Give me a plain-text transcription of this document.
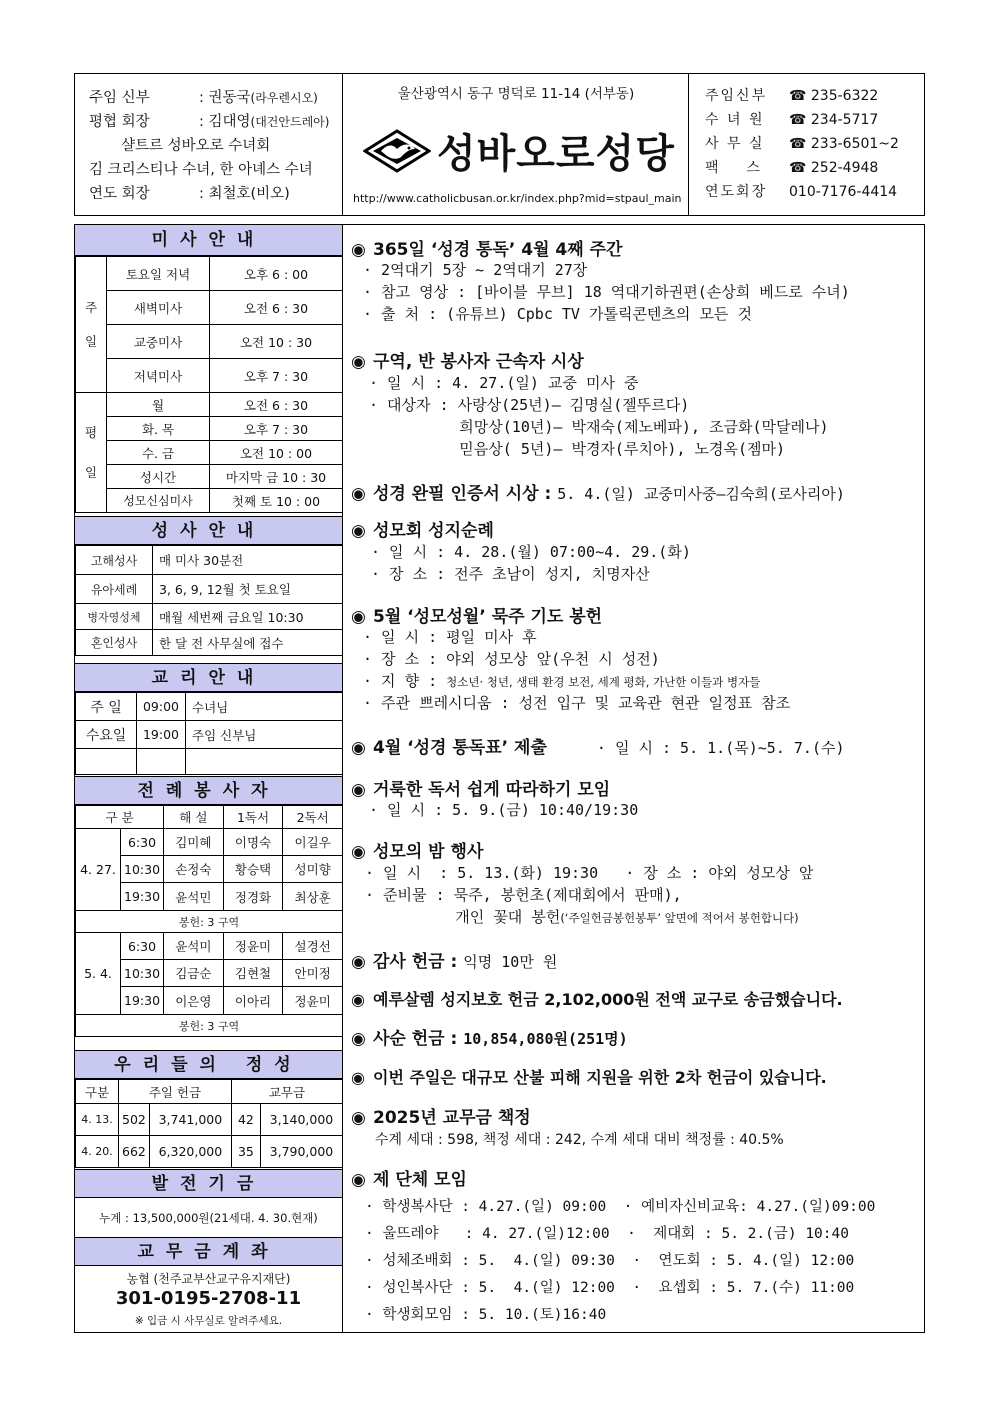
주임 신부	: 권동국(라우렌시오)
평협 회장	: 김대영(대건안드레아)
샬트르 성바오로 수녀회
김 크리스티나 수녀, 한 아녜스 수녀
연도 회장	: 최철호(비오)
울산광역시 동구 명덕로 11-14 (서부동)
성바오로성당
http://www.catholicbusan.or.kr/index.php?mid=stpaul_main
주임신부	☎ 235-6322
수 녀 원	☎ 234-5717
사 무 실	☎ 233-6501~2
팩    스	☎ 252-4948
연도회장	010-7176-4414
미사안내
주
일	토요일 저녁	오후 6 : 00
	새벽미사	오전 6 : 30
	교중미사	오전 10 : 30
	저녁미사	오후 7 : 30
평
일	월	오전 6 : 30
	화. 목	오후 7 : 30
	수. 금	오전 10 : 00
	성시간	마지막 금 10 : 30
	성모신심미사	첫째 토 10 : 00
성사안내
고해성사	매 미사 30분전
유아세례	3, 6, 9, 12월 첫 토요일
병자영성체	매월 세번째 금요일 10:30
혼인성사	한 달 전 사무실에 접수
교리안내
주 일	09:00	수녀님
수요일	19:00	주임 신부님

전례봉사자
구 분		해 설	1독서	2독서
4. 27.	6:30	김미혜	이명숙	이길우
	10:30	손정숙	황승택	성미향
	19:30	윤석민	정경화	최상훈
봉헌: 3 구역				
5. 4.	6:30	윤석미	정윤미	설경선
	10:30	김금순	김현철	안미정
	19:30	이은영	이아리	정윤미
봉헌: 3 구역				
우리들의 정성
구분	주일 헌금		교무금	
4. 13.	502	3,741,000	42	3,140,000
4. 20.	662	6,320,000	35	3,790,000
발전기금
누계 : 13,500,000원(21세대. 4. 30.현재)
교무금계좌
농협 (천주교부산교구유지재단)
301-0195-2708-11
※ 입금 시 사무실로 알려주세요.
◉ 365일 ‘성경 통독’ 4월 4째 주간
· 2역대기 5장 ~ 2역대기 27장
· 참고 영상 : [바이블 무브] 18 역대기하권편(손상희 베드로 수녀)
· 출 처 : (유튜브) Cpbc TV 가톨릭콘텐츠의 모든 것
◉ 구역, 반 봉사자 근속자 시상
· 일 시 : 4. 27.(일) 교중 미사 중
· 대상자 : 사랑상(25년)– 김명실(젤뚜르다)
희망상(10년)– 박재숙(제노베파), 조금화(막달레나)
믿음상( 5년)– 박경자(루치아), 노경옥(젬마)
◉ 성경 완필 인증서 시상 : 5. 4.(일) 교중미사중–김숙희(로사리아)
◉ 성모회 성지순례
· 일 시 : 4. 28.(월) 07:00~4. 29.(화)
· 장 소 : 전주 초남이 성지, 치명자산
◉ 5월 ‘성모성월’ 묵주 기도 봉헌
· 일 시 : 평일 미사 후
· 장 소 : 야외 성모상 앞(우천 시 성전)
· 지 향 : 청소년· 청년, 생태 환경 보전, 세계 평화, 가난한 이들과 병자들
· 주관 쁘레시디움 : 성전 입구 및 교육관 현관 일정표 참조
◉ 4월 ‘성경 통독표’ 제출	· 일 시 : 5. 1.(목)~5. 7.(수)
◉ 거룩한 독서 쉽게 따라하기 모임
· 일 시 : 5. 9.(금) 10:40/19:30
◉ 성모의 밤 행사
· 일 시  : 5. 13.(화) 19:30   · 장 소 : 야외 성모상 앞
· 준비물 : 묵주, 봉헌초(제대회에서 판매),
개인 꽃대 봉헌(‘주일헌금봉헌봉투’ 앞면에 적어서 봉헌합니다)
◉ 감사 헌금 : 익명 10만 원
◉ 예루살렘 성지보호 헌금 2,102,000원 전액 교구로 송금했습니다.
◉ 사순 헌금 : 10,854,080원(251명)
◉ 이번 주일은 대규모 산불 피해 지원을 위한 2차 헌금이 있습니다.
◉ 2025년 교무금 책정
수계 세대 : 598, 책정 세대 : 242, 수계 세대 대비 책정률 : 40.5%
◉ 제 단체 모임
· 학생복사단 : 4.27.(일) 09:00  · 예비자신비교육: 4.27.(일)09:00
· 울뜨레야   : 4. 27.(일)12:00  ·  제대회 : 5. 2.(금) 10:40
· 성체조배회 : 5.  4.(일) 09:30  ·  연도회 : 5. 4.(일) 12:00
· 성인복사단 : 5.  4.(일) 12:00  ·  요셉회 : 5. 7.(수) 11:00
· 학생회모임 : 5. 10.(토)16:40
